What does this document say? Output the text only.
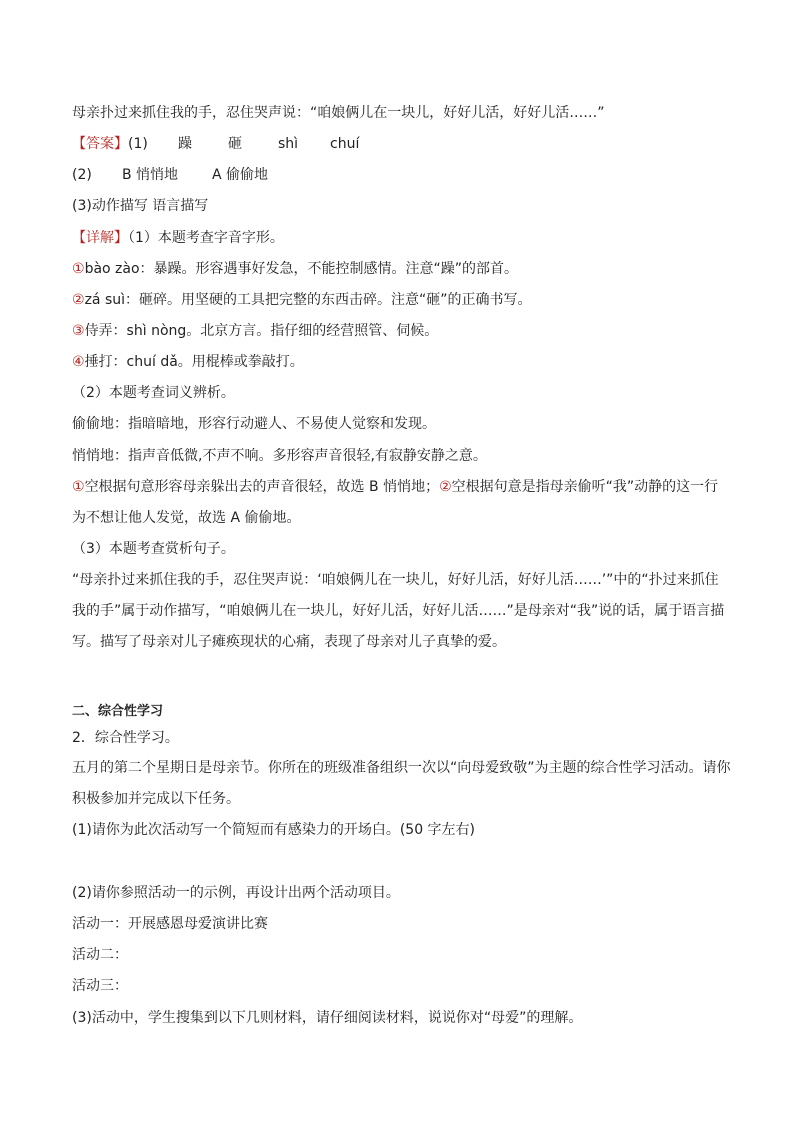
母亲扑过来抓住我的手，忍住哭声说：“咱娘俩儿在一块儿，好好儿活，好好儿活……”
【答案】 (1) 躁	砸	shì chuí
(2) B 悄悄地 A 偷偷地
(3)动作描写 语言描写
【详解】（1）本题考查字音字形。
①bào zào：暴躁。形容遇事好发急，不能控制感情。注意“躁”的部首。
②zá suì：砸碎。用坚硬的工具把完整的东西击碎。注意“砸”的正确书写。
③侍弄：shì nòng。北京方言。指仔细的经营照管、伺候。
④捶打：chuí dǎ。用棍棒或拳敲打。
（2）本题考查词义辨析。
偷偷地：指暗暗地，形容行动避人、不易使人觉察和发现。
悄悄地：指声音低微,不声不响。多形容声音很轻,有寂静安静之意。
①空根据句意形容母亲躲出去的声音很轻，故选 B 悄悄地；②空根据句意是指母亲偷听“我”动静的这一行
为不想让他人发觉，故选 A 偷偷地。
（3）本题考查赏析句子。
“母亲扑过来抓住我的手，忍住哭声说：‘咱娘俩儿在一块儿，好好儿活，好好儿活……’”中的“扑过来抓住
我的手”属于动作描写，“咱娘俩儿在一块儿，好好儿活，好好儿活……”是母亲对“我”说的话，属于语言描
写。描写了母亲对儿子瘫痪现状的心痛，表现了母亲对儿子真挚的爱。
二、综合性学习
2．综合性学习。
五月的第二个星期日是母亲节。你所在的班级准备组织一次以“向母爱致敬”为主题的综合性学习活动。请你
积极参加并完成以下任务。
(1)请你为此次活动写一个简短而有感染力的开场白。(50 字左右)
(2)请你参照活动一的示例，再设计出两个活动项目。
活动一：开展感恩母爱演讲比赛
活动二：
活动三：
(3)活动中，学生搜集到以下几则材料，请仔细阅读材料，说说你对“母爱”的理解。
